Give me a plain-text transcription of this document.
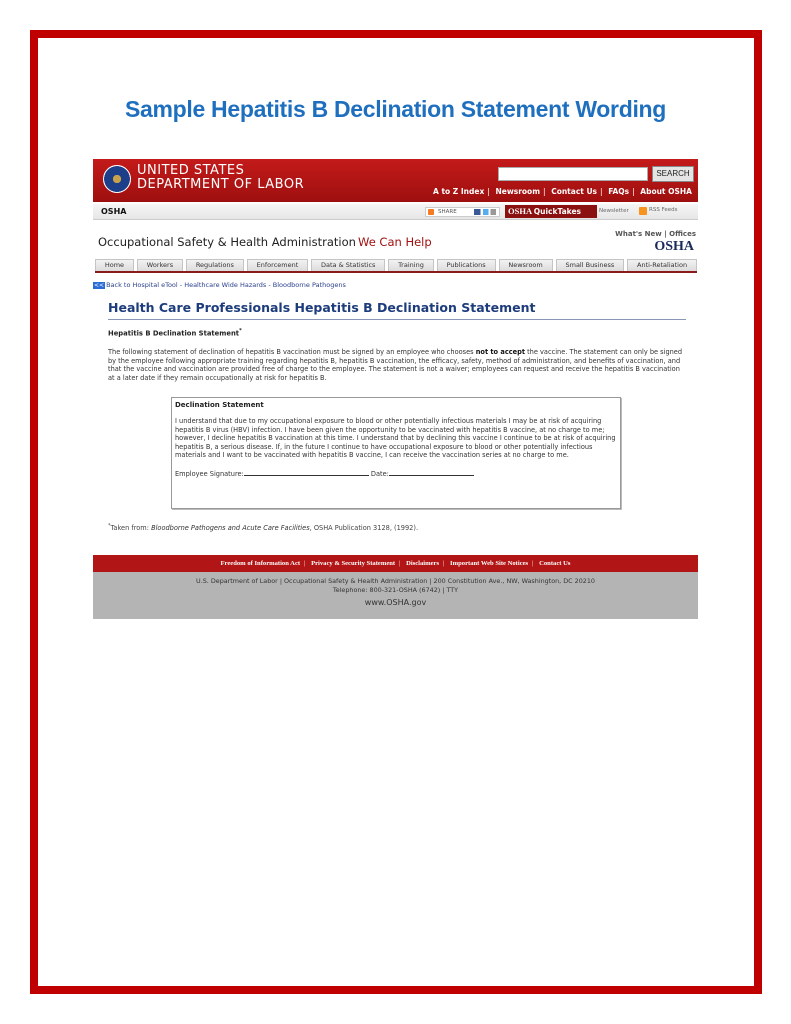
Sample Hepatitis B Declination Statement Wording
UNITED STATES
DEPARTMENT OF LABOR
SEARCH
A to Z Index | Newsroom | Contact Us | FAQs | About OSHA
OSHA	SHARE	OSHA QuickTakes	Newsletter	RSS Feeds
Occupational Safety & Health Administration We Can Help
What's New | Offices
OSHA
Home	Workers	Regulations	Enforcement	Data & Statistics	Training	Publications	Newsroom	Small Business	Anti-Retaliation
<< Back to Hospital eTool - Healthcare Wide Hazards - Bloodborne Pathogens
Health Care Professionals Hepatitis B Declination Statement
Hepatitis B Declination Statement*
The following statement of declination of hepatitis B vaccination must be signed by an employee who chooses not to accept the vaccine. The statement can only be signed by the employee following appropriate training regarding hepatitis B, hepatitis B vaccination, the efficacy, safety, method of administration, and benefits of vaccination, and that the vaccine and vaccination are provided free of charge to the employee. The statement is not a waiver; employees can request and receive the hepatitis B vaccination at a later date if they remain occupationally at risk for hepatitis B.
Declination Statement
I understand that due to my occupational exposure to blood or other potentially infectious materials I may be at risk of acquiring hepatitis B virus (HBV) infection. I have been given the opportunity to be vaccinated with hepatitis B vaccine, at no charge to me; however, I decline hepatitis B vaccination at this time. I understand that by declining this vaccine I continue to be at risk of acquiring hepatitis B, a serious disease. If, in the future I continue to have occupational exposure to blood or other potentially infectious materials and I want to be vaccinated with hepatitis B vaccine, I can receive the vaccination series at no charge to me.
Employee Signature:	Date:
*Taken from: Bloodborne Pathogens and Acute Care Facilities, OSHA Publication 3128, (1992).
Freedom of Information Act | Privacy & Security Statement | Disclaimers | Important Web Site Notices | Contact Us
U.S. Department of Labor | Occupational Safety & Health Administration | 200 Constitution Ave., NW, Washington, DC 20210
Telephone: 800-321-OSHA (6742) | TTY
www.OSHA.gov
